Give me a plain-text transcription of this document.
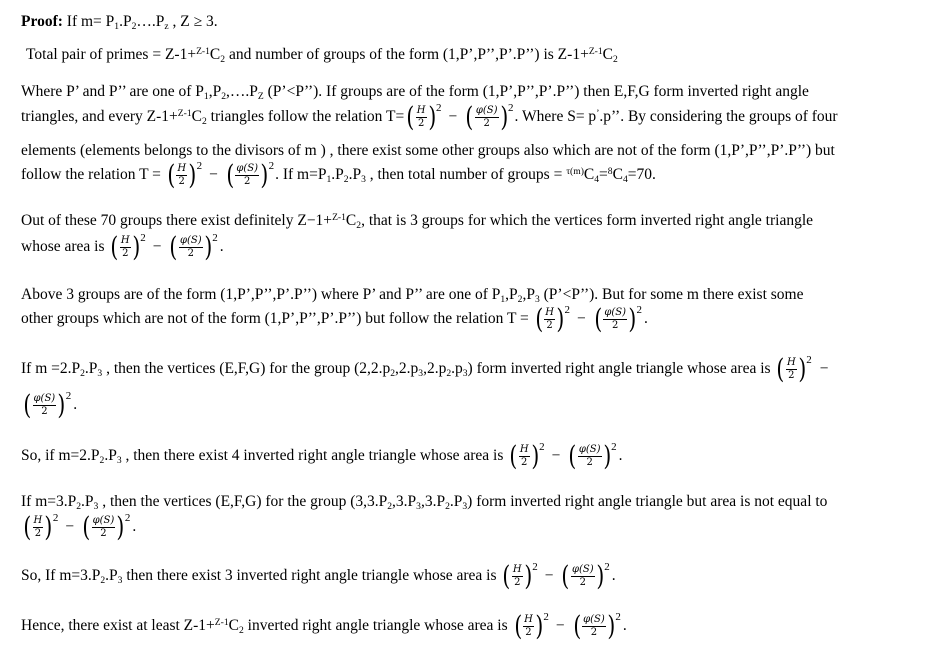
Proof: If $m= P_1.P_2\dots.P_z$ , Z ≥ 3.
Total pair of primes = $Z-1+^{Z-1}C_2$ and number of groups of the form (1,P’,P’’,P’.P’’) is $Z-1+^{Z-1}C_2$
Where P’ and P’’ are one of $P_1,P_2,\dots.P_Z$ (P’<P’’). If groups are of the form (1,P’,P’’,P’.P’’) then E,F,G form inverted right angle
triangles, and every $Z-1+^{Z-1}C_2$ triangles follow the relation T= ( $\frac{H}{2}$ ) 2
− ( $\frac{\varphi(S)}{2}$ ) 2
. Where S= p’.p’’. By considering the groups of four
elements (elements belongs to the divisors of m ) , there exist some other groups also which are not of the form (1,P’,P’’,P’.P’’) but
follow the relation T = ( $\frac{H}{2}$ ) 2
− ( $\frac{\varphi(S)}{2}$ ) 2
. If $m=P_1.P_2.P_3$ , then total number of groups = $^{\tau(m)}C_4=^8C_4=70$.
Out of these 70 groups there exist definitely $Z-1+^{Z-1}C_2$, that is 3 groups for which the vertices form inverted right angle triangle
whose area is ( $\frac{H}{2}$ ) 2
− ( $\frac{\varphi(S)}{2}$ ) 2
.
Above 3 groups are of the form (1,P’,P’’,P’.P’’) where P’ and P’’ are one of $P_1,P_2,P_3$ (P’<P’’). But for some m there exist some
other groups which are not of the form (1,P’,P’’,P’.P’’) but follow the relation T = ( $\frac{H}{2}$ ) 2
− ( $\frac{\varphi(S)}{2}$ ) 2
.
If $m =2.P_2.P_3$ , then the vertices (E,F,G) for the group $(2,2.p_2,2.p_3,2.p_2.p_3)$ form inverted right angle triangle whose area is ( $\frac{H}{2}$ ) 2
−
( $\frac{\varphi(S)}{2}$ ) 2
.
So, if $m=2.P_2.P_3$ , then there exist 4 inverted right angle triangle whose area is ( $\frac{H}{2}$ ) 2
− ( $\frac{\varphi(S)}{2}$ ) 2
.
If $m=3.P_2.P_3$ , then the vertices (E,F,G) for the group $(3,3.P_2,3.P_3,3.P_2.P_3)$ form inverted right angle triangle but area is not equal to
( $\frac{H}{2}$ ) 2
− ( $\frac{\varphi(S)}{2}$ ) 2
.
So, If $m=3.P_2.P_3$ then there exist 3 inverted right angle triangle whose area is ( $\frac{H}{2}$ ) 2
− ( $\frac{\varphi(S)}{2}$ ) 2
.
Hence, there exist at least $Z-1+^{Z-1}C_2$ inverted right angle triangle whose area is ( $\frac{H}{2}$ ) 2
− ( $\frac{\varphi(S)}{2}$ ) 2
.
